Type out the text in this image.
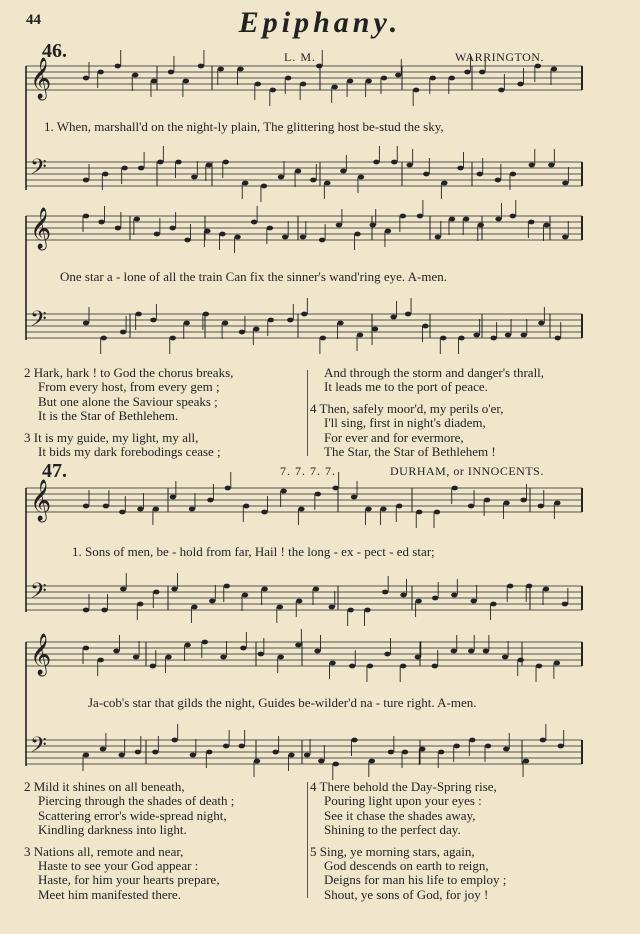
44	Epiphany.
46.	L. M.	WARRINGTON.
𝄞
𝄢
𝄞
𝄢
𝄞
𝄢
𝄞
𝄢
1. When, marshall'd on the night-ly plain, The glittering host be-stud the sky,
One star a - lone of all the train Can fix the sinner's wand'ring eye. A-men.
2 Hark, hark ! to God the chorus breaks,
From every host, from every gem ;
But one alone the Saviour speaks ;
It is the Star of Bethlehem.
3 It is my guide, my light, my all,
It bids my dark forebodings cease ;
And through the storm and danger's thrall,
It leads me to the port of peace.
4 Then, safely moor'd, my perils o'er,
I'll sing, first in night's diadem,
For ever and for evermore,
The Star, the Star of Bethlehem !
47.	7. 7. 7. 7.	DURHAM, or INNOCENTS.
1. Sons of men, be - hold from far, Hail ! the long - ex - pect - ed star;
Ja-cob's star that gilds the night, Guides be-wilder'd na - ture right. A-men.
2 Mild it shines on all beneath,
Piercing through the shades of death ;
Scattering error's wide-spread night,
Kindling darkness into light.
3 Nations all, remote and near,
Haste to see your God appear :
Haste, for him your hearts prepare,
Meet him manifested there.
4 There behold the Day-Spring rise,
Pouring light upon your eyes :
See it chase the shades away,
Shining to the perfect day.
5 Sing, ye morning stars, again,
God descends on earth to reign,
Deigns for man his life to employ ;
Shout, ye sons of God, for joy !
